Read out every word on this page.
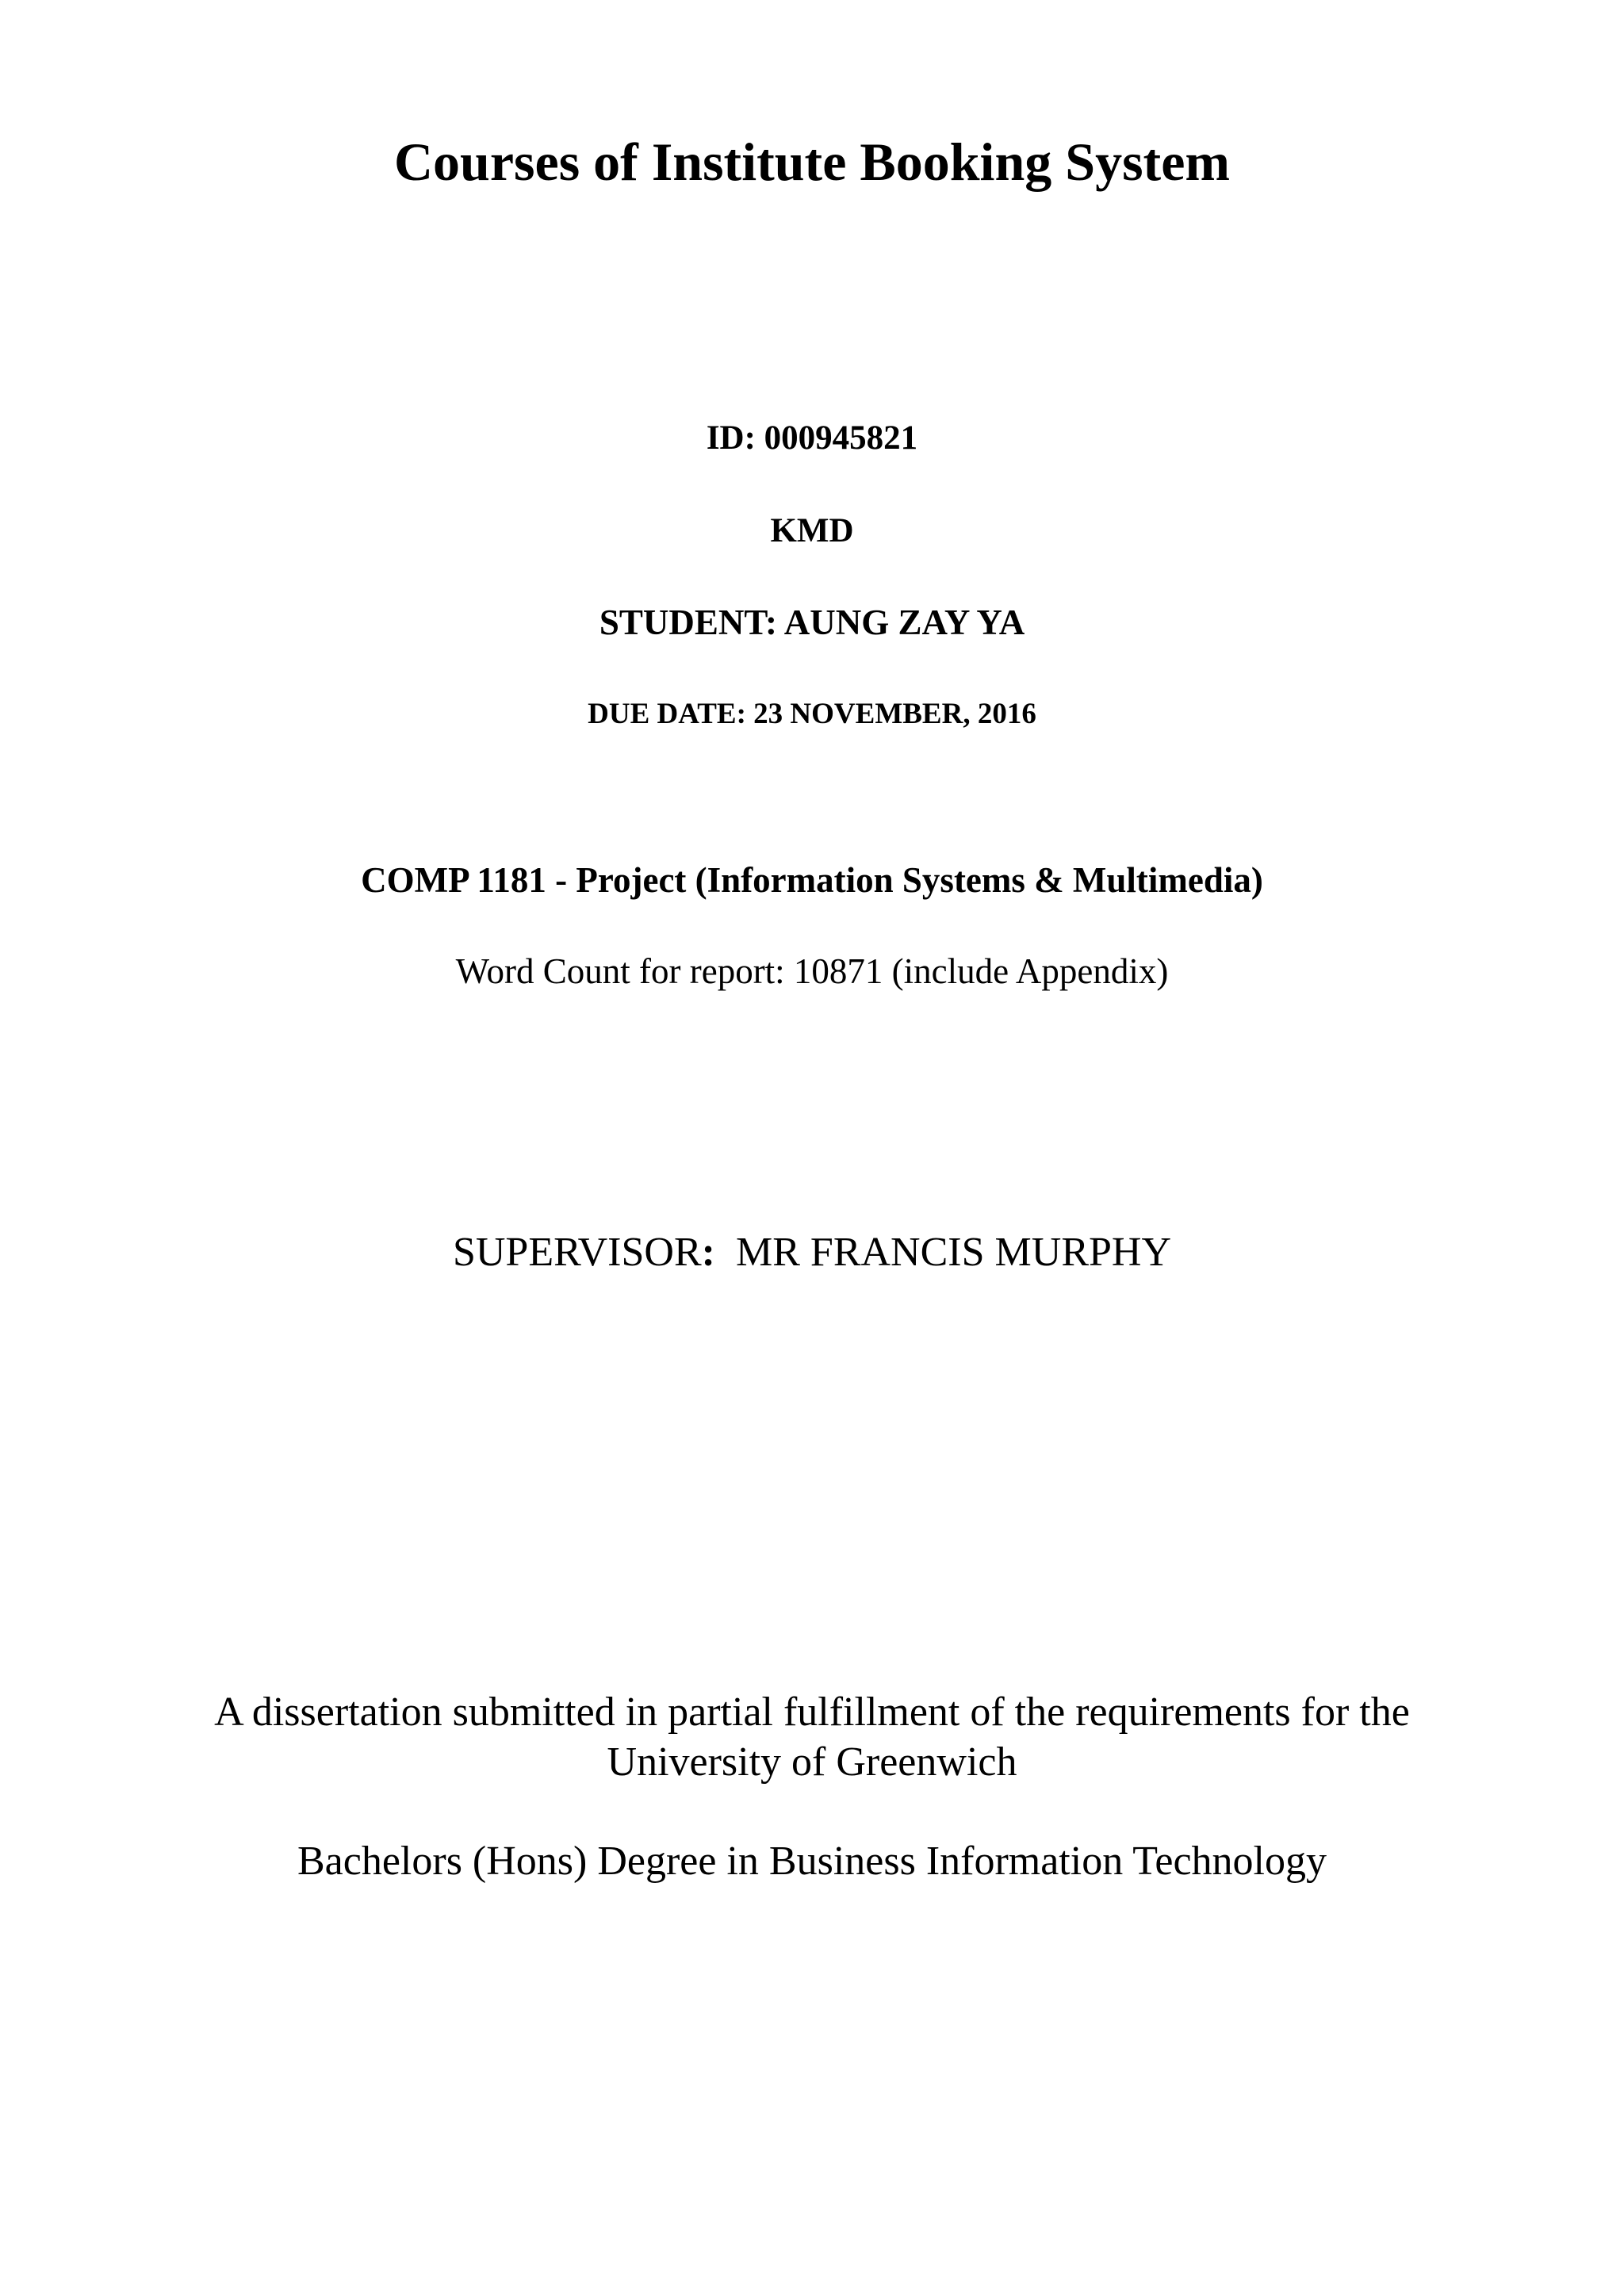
Courses of Institute Booking System
ID: 000945821
KMD
STUDENT: AUNG ZAY YA
DUE DATE: 23 NOVEMBER, 2016
COMP 1181 - Project (Information Systems & Multimedia)
Word Count for report: 10871 (include Appendix)
SUPERVISOR: MR FRANCIS MURPHY
A dissertation submitted in partial fulfillment of the requirements for the
University of Greenwich
Bachelors (Hons) Degree in Business Information Technology
